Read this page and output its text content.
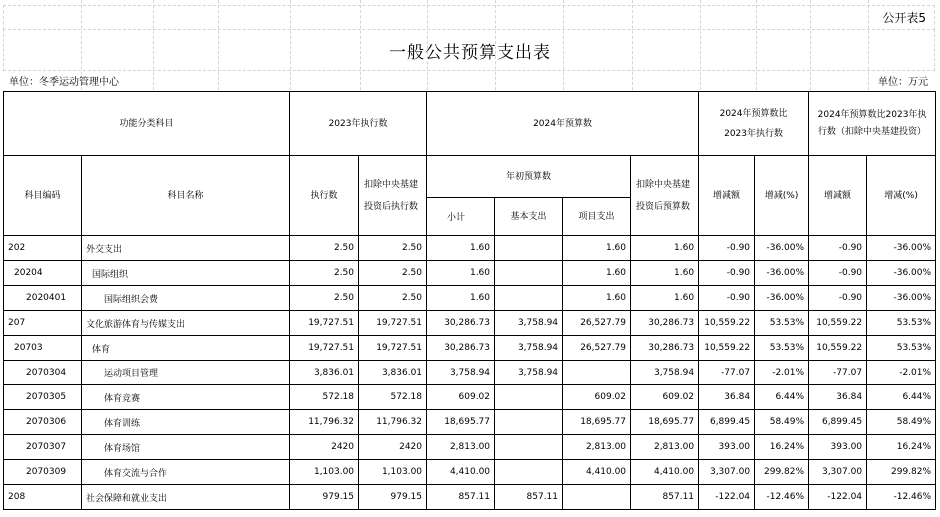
公开表5
一般公共预算支出表
单位：冬季运动管理中心	单位：万元
功能分类科目		2023年执行数		2024年预算数				2024年预算数比2023年执行数		2024年预算数比2023年执行数（扣除中央基建投资）	
科目编码	科目名称	执行数	扣除中央基建投资后执行数	年初预算数			扣除中央基建投资后预算数	增减额	增减(%)	增减额	增减(%)
				小计	基本支出	项目支出					
202	外交支出	2.50	2.50	1.60		1.60	1.60	-0.90	-36.00%	-0.90	-36.00%
20204	国际组织	2.50	2.50	1.60		1.60	1.60	-0.90	-36.00%	-0.90	-36.00%
2020401	国际组织会费	2.50	2.50	1.60		1.60	1.60	-0.90	-36.00%	-0.90	-36.00%
207	文化旅游体育与传媒支出	19,727.51	19,727.51	30,286.73	3,758.94	26,527.79	30,286.73	10,559.22	53.53%	10,559.22	53.53%
20703	体育	19,727.51	19,727.51	30,286.73	3,758.94	26,527.79	30,286.73	10,559.22	53.53%	10,559.22	53.53%
2070304	运动项目管理	3,836.01	3,836.01	3,758.94	3,758.94		3,758.94	-77.07	-2.01%	-77.07	-2.01%
2070305	体育竞赛	572.18	572.18	609.02		609.02	609.02	36.84	6.44%	36.84	6.44%
2070306	体育训练	11,796.32	11,796.32	18,695.77		18,695.77	18,695.77	6,899.45	58.49%	6,899.45	58.49%
2070307	体育场馆	2420	2420	2,813.00		2,813.00	2,813.00	393.00	16.24%	393.00	16.24%
2070309	体育交流与合作	1,103.00	1,103.00	4,410.00		4,410.00	4,410.00	3,307.00	299.82%	3,307.00	299.82%
208	社会保障和就业支出	979.15	979.15	857.11	857.11		857.11	-122.04	-12.46%	-122.04	-12.46%
